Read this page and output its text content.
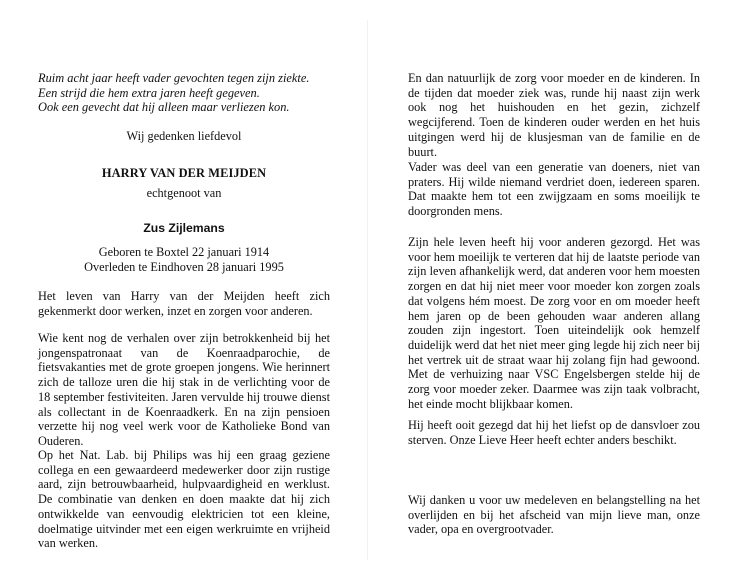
Ruim acht jaar heeft vader gevochten tegen zijn ziekte.
Een strijd die hem extra jaren heeft gegeven.
Ook een gevecht dat hij alleen maar verliezen kon.

Wij gedenken liefdevol

HARRY VAN DER MEIJDEN

echtgenoot van

Zus Zijlemans

Geboren te Boxtel 22 januari 1914

Overleden te Eindhoven 28 januari 1995

Het leven van Harry van der Meijden heeft zich gekenmerkt door werken, inzet en zorgen voor anderen.

Wie kent nog de verhalen over zijn betrokkenheid bij het jongenspatronaat van de Koenraadparochie, de fietsvakanties met de grote groepen jongens. Wie herinnert zich de talloze uren die hij stak in de verlichting voor de 18 september festiviteiten. Jaren vervulde hij trouwe dienst als collectant in de Koenraadkerk. En na zijn pensioen verzette hij nog veel werk voor de Katholieke Bond van Ouderen.

Op het Nat. Lab. bij Philips was hij een graag geziene collega en een gewaardeerd medewerker door zijn rustige aard, zijn betrouwbaarheid, hulpvaardigheid en werklust. De combinatie van denken en doen maakte dat hij zich ontwikkelde van eenvoudig elektricien tot een kleine, doelmatige uitvinder met een eigen werkruimte en vrijheid van werken.

En dan natuurlijk de zorg voor moeder en de kinderen. In de tijden dat moeder ziek was, runde hij naast zijn werk ook nog het huishouden en het gezin, zichzelf wegcijferend. Toen de kinderen ouder werden en het huis uitgingen werd hij de klusjesman van de familie en de buurt.

Vader was deel van een generatie van doeners, niet van praters. Hij wilde niemand verdriet doen, iedereen sparen. Dat maakte hem tot een zwijgzaam en soms moeilijk te doorgronden mens.

Zijn hele leven heeft hij voor anderen gezorgd. Het was voor hem moeilijk te verteren dat hij de laatste periode van zijn leven afhankelijk werd, dat anderen voor hem moesten zorgen en dat hij niet meer voor moeder kon zorgen zoals dat volgens hém moest. De zorg voor en om moeder heeft hem jaren op de been gehouden waar anderen allang zouden zijn ingestort. Toen uiteindelijk ook hemzelf duidelijk werd dat het niet meer ging legde hij zich neer bij het vertrek uit de straat waar hij zolang fijn had gewoond. Met de verhuizing naar VSC Engelsbergen stelde hij de zorg voor moeder zeker. Daarmee was zijn taak volbracht, het einde mocht blijkbaar komen.

Hij heeft ooit gezegd dat hij het liefst op de dansvloer zou sterven. Onze Lieve Heer heeft echter anders beschikt.

Wij danken u voor uw medeleven en belangstelling na het overlijden en bij het afscheid van mijn lieve man, onze vader, opa en overgrootvader.
